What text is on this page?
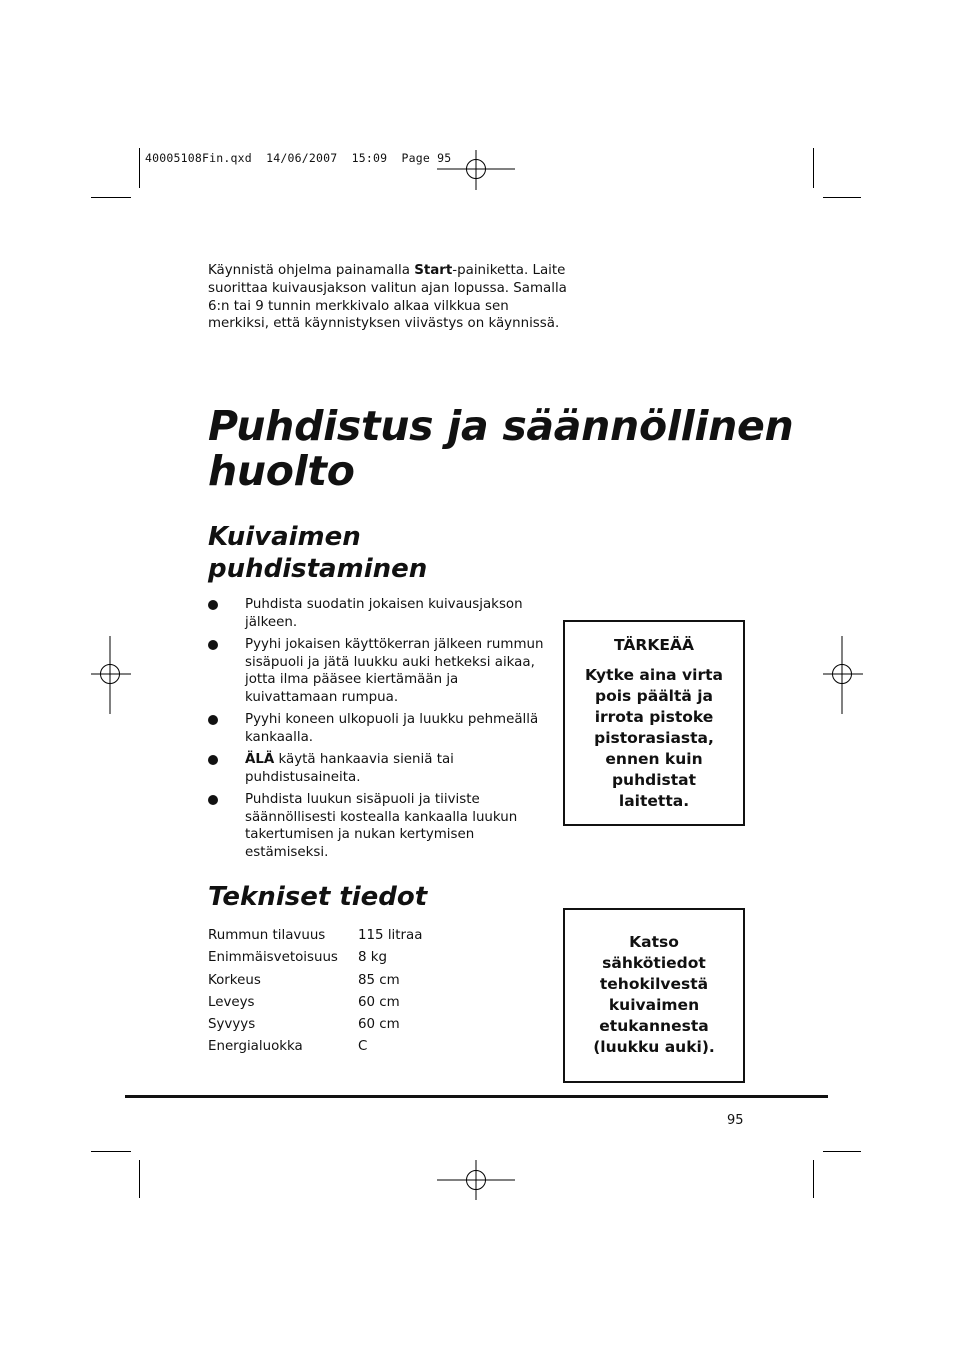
40005108Fin.qxd  14/06/2007  15:09  Page 95

Käynnistä ohjelma painamalla Start-painiketta. Laite suorittaa kuivausjakson valitun ajan lopussa. Samalla 6:n tai 9 tunnin merkkivalo alkaa vilkkua sen merkiksi, että käynnistyksen viivästys on käynnissä.

Puhdistus ja säännöllinen
huolto
Kuivaimen
puhdistaminen
Puhdista suodatin jokaisen kuivausjakson jälkeen.
Pyyhi jokaisen käyttökerran jälkeen rummun sisäpuoli ja jätä luukku auki hetkeksi aikaa, jotta ilma pääsee kiertämään ja kuivattamaan rumpua.
Pyyhi koneen ulkopuoli ja luukku pehmeällä kankaalla.
ÄLÄ käytä hankaavia sieniä tai puhdistusaineita.
Puhdista luukun sisäpuoli ja tiiviste säännöllisesti kostealla kankaalla luukun takertumisen ja nukan kertymisen estämiseksi.
TÄRKEÄÄ
Kytke aina virta pois päältä ja irrota pistoke pistorasiasta, ennen kuin puhdistat laitetta.
Tekniset tiedot
Rummun tilavuus	115 litraa
Enimmäisvetoisuus	8 kg
Korkeus	85 cm
Leveys	60 cm
Syvyys	60 cm
Energialuokka	C
Katso sähkötiedot tehokilvestä kuivaimen etukannesta (luukku auki).
95
